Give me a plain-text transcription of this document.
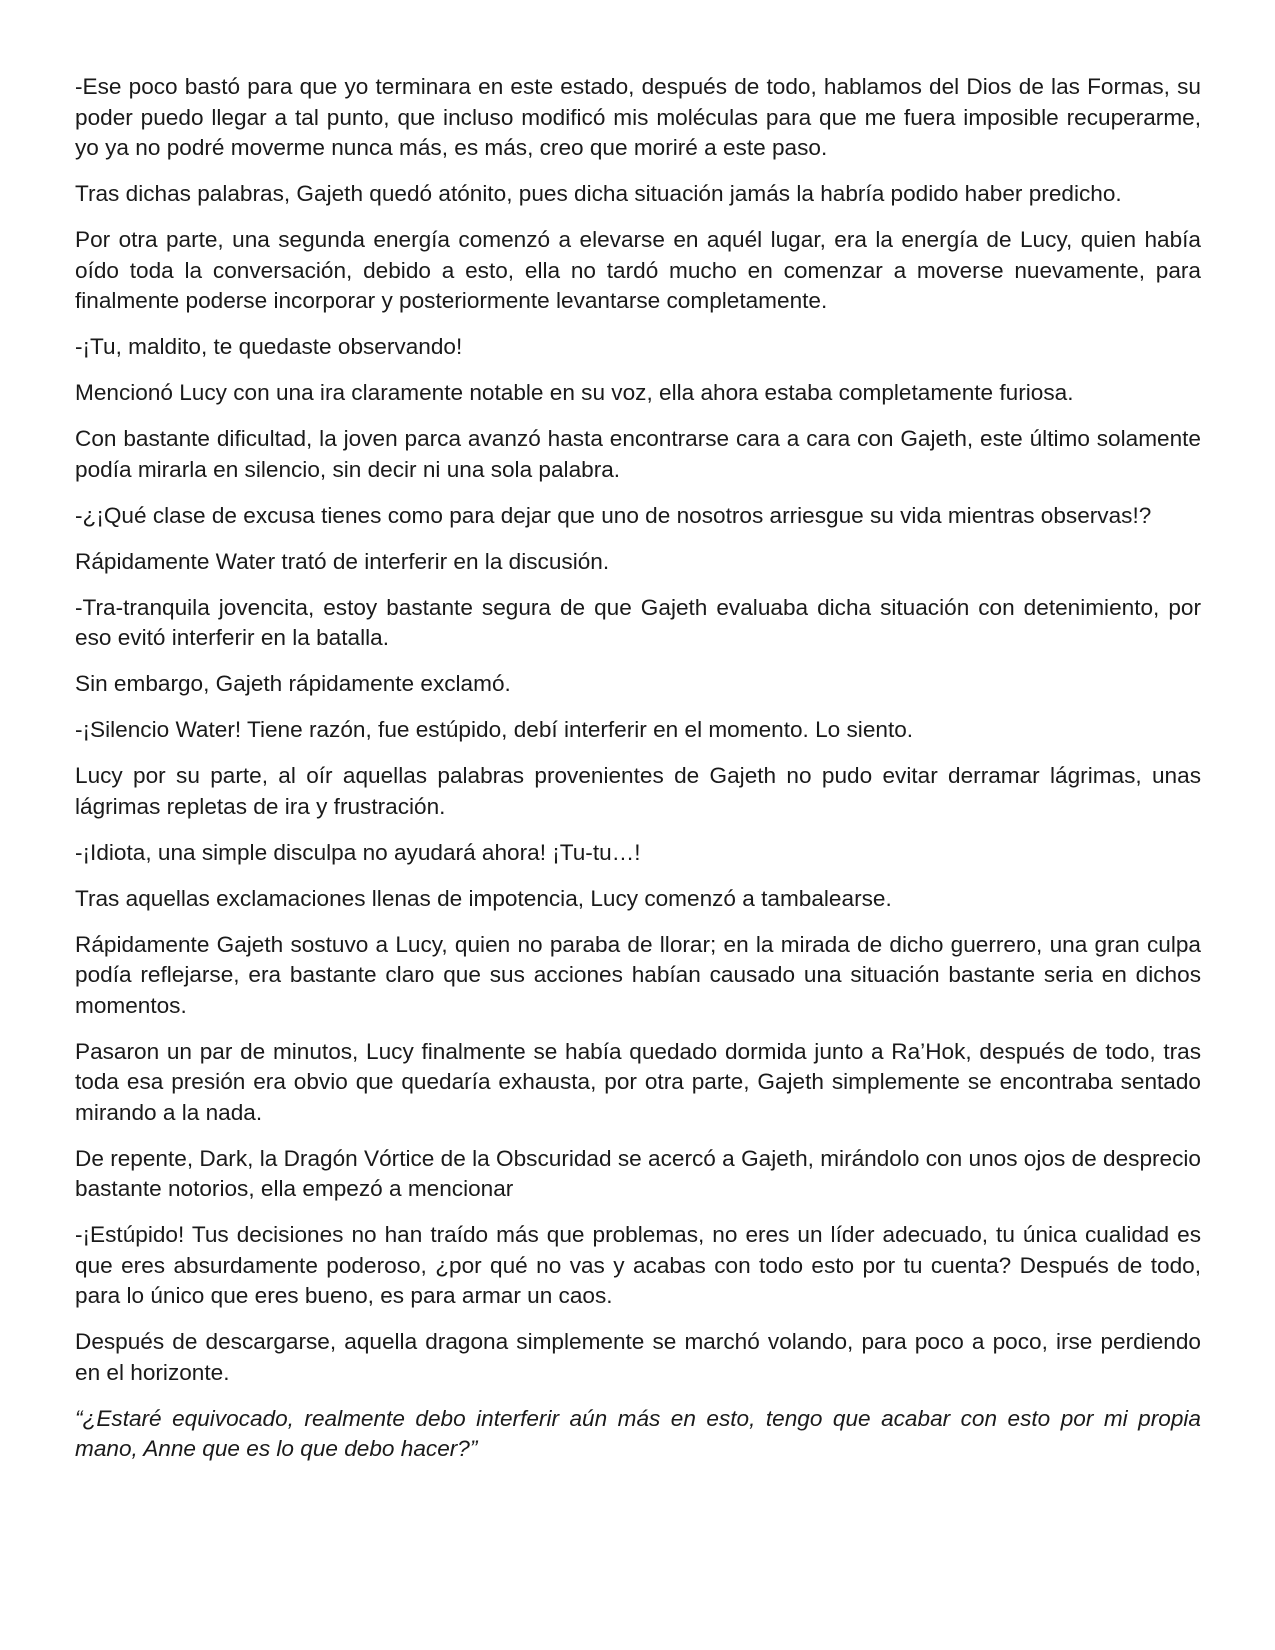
-Ese poco bastó para que yo terminara en este estado, después de todo, hablamos del Dios de las Formas, su poder puedo llegar a tal punto, que incluso modificó mis moléculas para que me fuera imposible recuperarme, yo ya no podré moverme nunca más, es más, creo que moriré a este paso.

Tras dichas palabras, Gajeth quedó atónito, pues dicha situación jamás la habría podido haber predicho.

Por otra parte, una segunda energía comenzó a elevarse en aquél lugar, era la energía de Lucy, quien había oído toda la conversación, debido a esto, ella no tardó mucho en comenzar a moverse nuevamente, para finalmente poderse incorporar y posteriormente levantarse completamente.

-¡Tu, maldito, te quedaste observando!

Mencionó Lucy con una ira claramente notable en su voz, ella ahora estaba completamente furiosa.

Con bastante dificultad, la joven parca avanzó hasta encontrarse cara a cara con Gajeth, este último solamente podía mirarla en silencio, sin decir ni una sola palabra.

-¿¡Qué clase de excusa tienes como para dejar que uno de nosotros arriesgue su vida mientras observas!?

Rápidamente Water trató de interferir en la discusión.

-Tra-tranquila jovencita, estoy bastante segura de que Gajeth evaluaba dicha situación con detenimiento, por eso evitó interferir en la batalla.

Sin embargo, Gajeth rápidamente exclamó.

-¡Silencio Water! Tiene razón, fue estúpido, debí interferir en el momento. Lo siento.

Lucy por su parte, al oír aquellas palabras provenientes de Gajeth no pudo evitar derramar lágrimas, unas lágrimas repletas de ira y frustración.

-¡Idiota, una simple disculpa no ayudará ahora! ¡Tu-tu…!

Tras aquellas exclamaciones llenas de impotencia, Lucy comenzó a tambalearse.

Rápidamente Gajeth sostuvo a Lucy, quien no paraba de llorar; en la mirada de dicho guerrero, una gran culpa podía reflejarse, era bastante claro que sus acciones habían causado una situación bastante seria en dichos momentos.

Pasaron un par de minutos, Lucy finalmente se había quedado dormida junto a Ra’Hok, después de todo, tras toda esa presión era obvio que quedaría exhausta, por otra parte, Gajeth simplemente se encontraba sentado mirando a la nada.

De repente, Dark, la Dragón Vórtice de la Obscuridad se acercó a Gajeth, mirándolo con unos ojos de desprecio bastante notorios, ella empezó a mencionar

-¡Estúpido! Tus decisiones no han traído más que problemas, no eres un líder adecuado, tu única cualidad es que eres absurdamente poderoso, ¿por qué no vas y acabas con todo esto por tu cuenta? Después de todo, para lo único que eres bueno, es para armar un caos.

Después de descargarse, aquella dragona simplemente se marchó volando, para poco a poco, irse perdiendo en el horizonte.

“¿Estaré equivocado, realmente debo interferir aún más en esto, tengo que acabar con esto por mi propia mano, Anne que es lo que debo hacer?”
